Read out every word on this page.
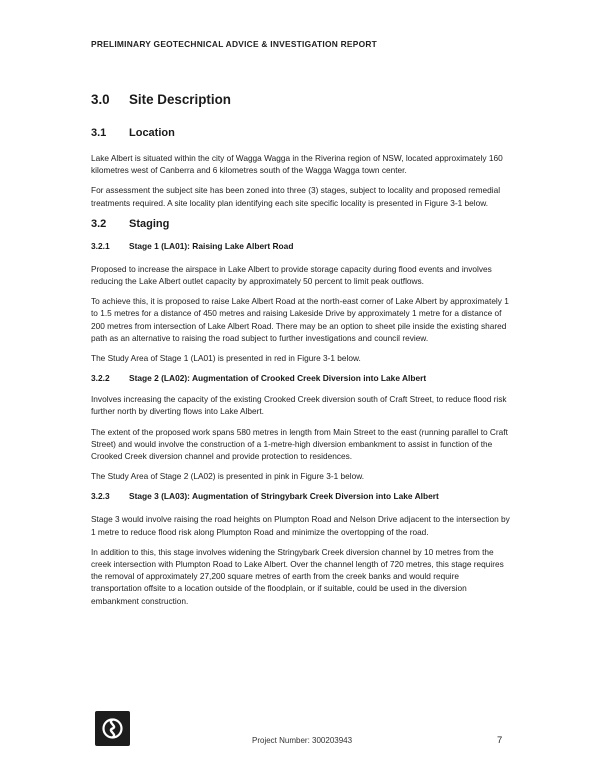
PRELIMINARY GEOTECHNICAL ADVICE & INVESTIGATION REPORT
3.0	Site Description
3.1	Location

Lake Albert is situated within the city of Wagga Wagga in the Riverina region of NSW, located approximately 160 kilometres west of Canberra and 6 kilometres south of the Wagga Wagga town center.

For assessment the subject site has been zoned into three (3) stages, subject to locality and proposed remedial treatments required. A site locality plan identifying each site specific locality is presented in Figure 3-1 below.

3.2	Staging
3.2.1	Stage 1 (LA01): Raising Lake Albert Road

Proposed to increase the airspace in Lake Albert to provide storage capacity during flood events and involves reducing the Lake Albert outlet capacity by approximately 50 percent to limit peak outflows.

To achieve this, it is proposed to raise Lake Albert Road at the north-east corner of Lake Albert by approximately 1 to 1.5 metres for a distance of 450 metres and raising Lakeside Drive by approximately 1 metre for a distance of 200 metres from intersection of Lake Albert Road. There may be an option to sheet pile inside the existing shared path as an alternative to raising the road subject to further investigations and council review.

The Study Area of Stage 1 (LA01) is presented in red in Figure 3-1 below.

3.2.2	Stage 2 (LA02): Augmentation of Crooked Creek Diversion into Lake Albert

Involves increasing the capacity of the existing Crooked Creek diversion south of Craft Street, to reduce flood risk further north by diverting flows into Lake Albert.

The extent of the proposed work spans 580 metres in length from Main Street to the east (running parallel to Craft Street) and would involve the construction of a 1-metre-high diversion embankment to assist in function of the Crooked Creek diversion channel and provide protection to residences.

The Study Area of Stage 2 (LA02) is presented in pink in Figure 3-1 below.

3.2.3	Stage 3 (LA03): Augmentation of Stringybark Creek Diversion into Lake Albert

Stage 3 would involve raising the road heights on Plumpton Road and Nelson Drive adjacent to the intersection by 1 metre to reduce flood risk along Plumpton Road and minimize the overtopping of the road.

In addition to this, this stage involves widening the Stringybark Creek diversion channel by 10 metres from the creek intersection with Plumpton Road to Lake Albert. Over the channel length of 720 metres, this stage requires the removal of approximately 27,200 square metres of earth from the creek banks and would require transportation offsite to a location outside of the floodplain, or if suitable, could be used in the diversion embankment construction.

Project Number: 300203943	7
